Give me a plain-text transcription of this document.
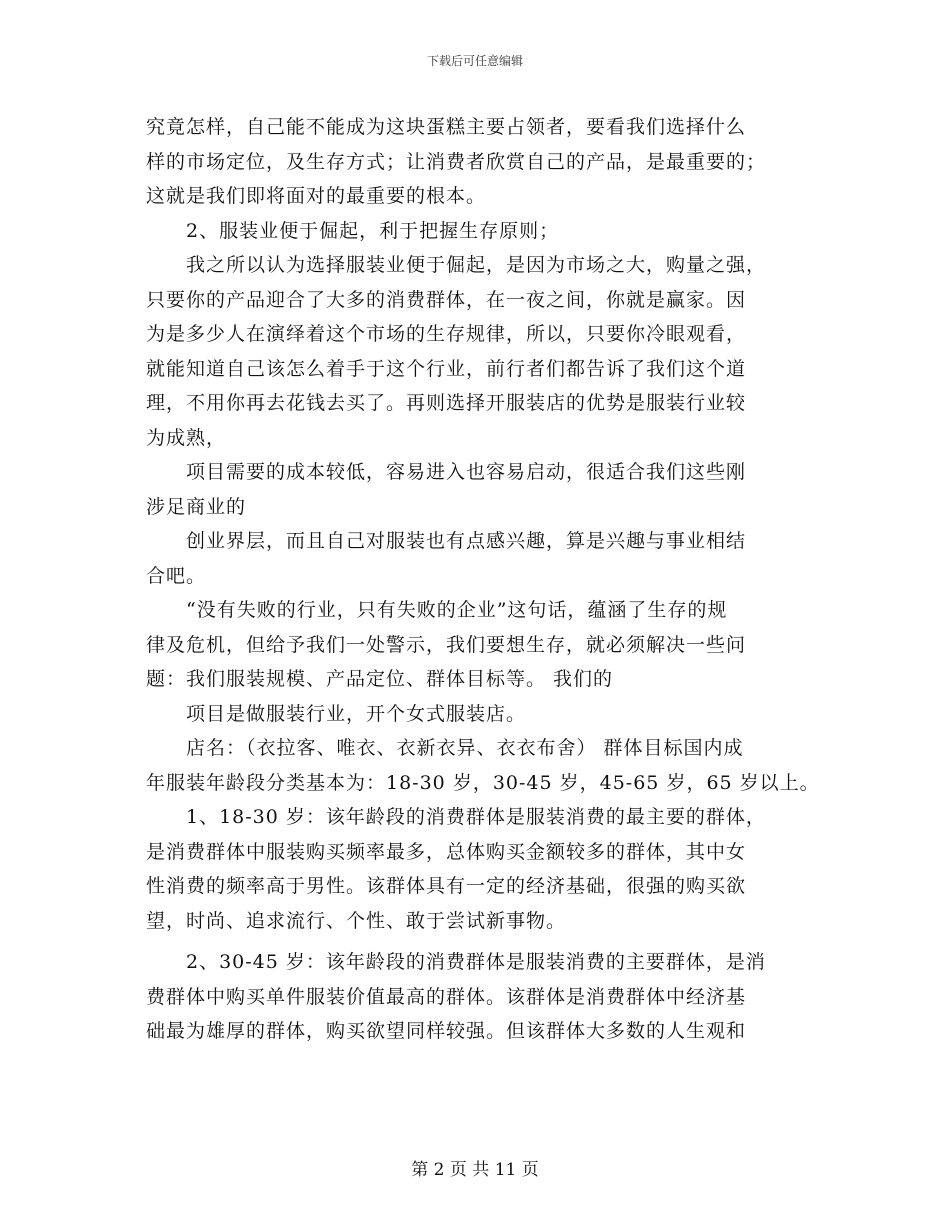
下载后可任意编辑

究竟怎样，自己能不能成为这块蛋糕主要占领者，要看我们选择什么

样的市场定位，及生存方式；让消费者欣赏自己的产品，是最重要的；

这就是我们即将面对的最重要的根本。

　　2、服装业便于倔起，利于把握生存原则；

　　我之所以认为选择服装业便于倔起，是因为市场之大，购量之强，

只要你的产品迎合了大多的消费群体，在一夜之间，你就是赢家。因

为是多少人在演绎着这个市场的生存规律，所以，只要你冷眼观看，

就能知道自己该怎么着手于这个行业，前行者们都告诉了我们这个道

理，不用你再去花钱去买了。再则选择开服装店的优势是服装行业较

为成熟，

　　项目需要的成本较低，容易进入也容易启动，很适合我们这些刚

涉足商业的

　　创业界层，而且自己对服装也有点感兴趣，算是兴趣与事业相结

合吧。

　　“没有失败的行业，只有失败的企业”这句话，蕴涵了生存的规

律及危机，但给予我们一处警示，我们要想生存，就必须解决一些问

题：我们服装规模、产品定位、群体目标等。 我们的

　　项目是做服装行业，开个女式服装店。

　　店名：（衣拉客、唯衣、衣新衣异、衣衣布舍） 群体目标国内成

年服装年龄段分类基本为：18-30 岁，30-45 岁，45-65 岁，65 岁以上。

　　1、18-30 岁：该年龄段的消费群体是服装消费的最主要的群体，

是消费群体中服装购买频率最多，总体购买金额较多的群体，其中女

性消费的频率高于男性。该群体具有一定的经济基础，很强的购买欲

望，时尚、追求流行、个性、敢于尝试新事物。

　　2、30-45 岁：该年龄段的消费群体是服装消费的主要群体，是消

费群体中购买单件服装价值最高的群体。该群体是消费群体中经济基

础最为雄厚的群体，购买欲望同样较强。但该群体大多数的人生观和

第 2 页 共 11 页
